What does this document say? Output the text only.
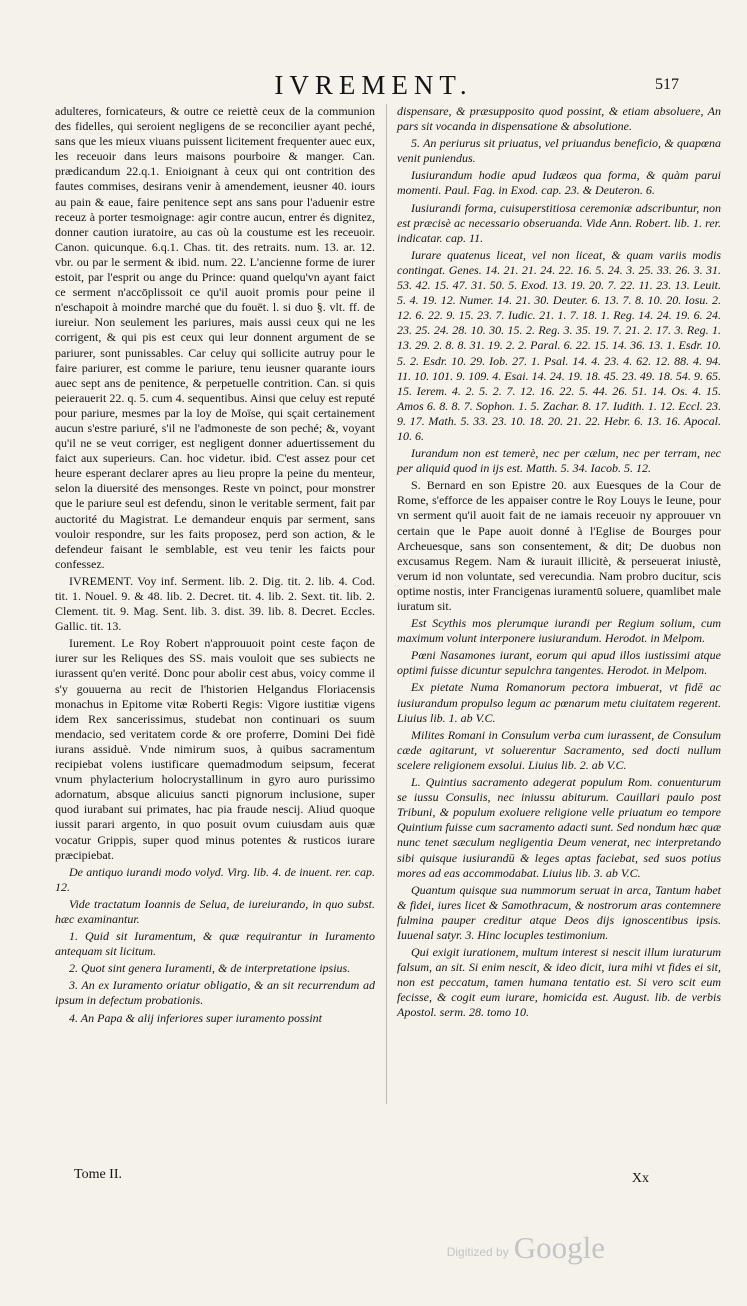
IVREMENT.	517

adulteres, fornicateurs, & outre ce reiettè ceux de la communion des fidelles, qui seroient negligens de se reconcilier ayant peché, sans que les mieux viuans puissent licitement frequenter auec eux, les receuoir dans leurs maisons pourboire & manger. Can. prædicandum 22.q.1. Enioignant à ceux qui ont contrition des fautes commises, desirans venir à amendement, ieusner 40. iours au pain & eaue, faire penitence sept ans sans pour l'aduenir estre receuz à porter tesmoignage: agir contre aucun, entrer és dignitez, donner caution iuratoire, au cas où la coustume est les receuoir. Canon. quicunque. 6.q.1. Chas. tit. des retraits. num. 13. ar. 12. vbr. ou par le serment & ibid. num. 22. L'ancienne forme de iurer estoit, par l'esprit ou ange du Prince: quand quelqu'vn ayant faict ce serment n'accōplissoit ce qu'il auoit promis pour peine il n'eschapoit à moindre marché que du fouët. l. si duo §. vlt. ff. de iureiur. Non seulement les pariures, mais aussi ceux qui ne les corrigent, & qui pis est ceux qui leur donnent argument de se pariurer, sont punissables. Car celuy qui sollicite autruy pour le faire pariurer, est comme le pariure, tenu ieusner quarante iours auec sept ans de penitence, & perpetuelle contrition. Can. si quis peierauerit 22. q. 5. cum 4. sequentibus. Ainsi que celuy est reputé pour pariure, mesmes par la loy de Moïse, qui sçait certainement aucun s'estre pariuré, s'il ne l'admoneste de son peché; &, voyant qu'il ne se veut corriger, est negligent donner aduertissement du faict aux superieurs. Can. hoc videtur. ibid. C'est assez pour cet heure esperant declarer apres au lieu propre la peine du menteur, selon la diuersité des mensonges. Reste vn poinct, pour monstrer que le pariure seul est defendu, sinon le veritable serment, fait par auctorité du Magistrat. Le demandeur enquis par serment, sans vouloir respondre, sur les faits proposez, perd son action, & le defendeur faisant le semblable, est veu tenir les faicts pour confessez.

IVREMENT. Voy inf. Serment. lib. 2. Dig. tit. 2. lib. 4. Cod. tit. 1. Nouel. 9. & 48. lib. 2. Decret. tit. 4. lib. 2. Sext. tit. lib. 2. Clement. tit. 9. Mag. Sent. lib. 3. dist. 39. lib. 8. Decret. Eccles. Gallic. tit. 13.

Iurement. Le Roy Robert n'approuuoit point ceste façon de iurer sur les Reliques des SS. mais vouloit que ses subiects ne iurassent qu'en verité. Donc pour abolir cest abus, voicy comme il s'y gouuerna au recit de l'historien Helgandus Floriacensis monachus in Epitome vitæ Roberti Regis: Vigore iustitiæ vigens idem Rex sancerissimus, studebat non continuari os suum mendacio, sed veritatem corde & ore proferre, Domini Dei fidè iurans assiduè. Vnde nimirum suos, à quibus sacramentum recipiebat volens iustificare quemadmodum seipsum, fecerat vnum phylacterium holocrystallinum in gyro auro purissimo adornatum, absque alicuius sancti pignorum inclusione, super quod iurabant sui primates, hac pia fraude nescij. Aliud quoque iussit parari argento, in quo posuit ovum cuiusdam auis quæ vocatur Grippis, super quod minus potentes & rusticos iurare præcipiebat.

De antiquo iurandi modo volyd. Virg. lib. 4. de inuent. rer. cap. 12.

Vide tractatum Ioannis de Selua, de iureiurando, in quo subst. hæc examinantur.

1. Quid sit Iuramentum, & quæ requirantur in Iuramento antequam sit licitum.

2. Quot sint genera Iuramenti, & de interpretatione ipsius.

3. An ex Iuramento oriatur obligatio, & an sit recurrendum ad ipsum in defectum probationis.

4. An Papa & alij inferiores super iuramento possint

dispensare, & præsupposito quod possint, & etiam absoluere, An pars sit vocanda in dispensatione & absolutione.

5. An periurus sit priuatus, vel priuandus beneficio, & quapœna venit puniendus.

Iusiurandum hodie apud Iudæos qua forma, & quàm parui momenti. Paul. Fag. in Exod. cap. 23. & Deuteron. 6.

Iusiurandi forma, cuisuperstitiosa ceremoniæ adscribuntur, non est præcisè ac necessario obseruanda. Vide Ann. Robert. lib. 1. rer. indicatar. cap. 11.

Iurare quatenus liceat, vel non liceat, & quam variis modis contingat. Genes. 14. 21. 21. 24. 22. 16. 5. 24. 3. 25. 33. 26. 3. 31. 53. 42. 15. 47. 31. 50. 5. Exod. 13. 19. 20. 7. 22. 11. 23. 13. Leuit. 5. 4. 19. 12. Numer. 14. 21. 30. Deuter. 6. 13. 7. 8. 10. 20. Iosu. 2. 12. 6. 22. 9. 15. 23. 7. Iudic. 21. 1. 7. 18. 1. Reg. 14. 24. 19. 6. 24. 23. 25. 24. 28. 10. 30. 15. 2. Reg. 3. 35. 19. 7. 21. 2. 17. 3. Reg. 1. 13. 29. 2. 8. 8. 31. 19. 2. 2. Paral. 6. 22. 15. 14. 36. 13. 1. Esdr. 10. 5. 2. Esdr. 10. 29. Iob. 27. 1. Psal. 14. 4. 23. 4. 62. 12. 88. 4. 94. 11. 10. 101. 9. 109. 4. Esai. 14. 24. 19. 18. 45. 23. 49. 18. 54. 9. 65. 15. Ierem. 4. 2. 5. 2. 7. 12. 16. 22. 5. 44. 26. 51. 14. Os. 4. 15. Amos 6. 8. 8. 7. Sophon. 1. 5. Zachar. 8. 17. Iudith. 1. 12. Eccl. 23. 9. 17. Math. 5. 33. 23. 10. 18. 20. 21. 22. Hebr. 6. 13. 16. Apocal. 10. 6.

Iurandum non est temerè, nec per cælum, nec per terram, nec per aliquid quod in ijs est. Matth. 5. 34. Iacob. 5. 12.

S. Bernard en son Epistre 20. aux Euesques de la Cour de Rome, s'efforce de les appaiser contre le Roy Louys le Ieune, pour vn serment qu'il auoit fait de ne iamais receuoir ny approuuer vn certain que le Pape auoit donné à l'Eglise de Bourges pour Archeuesque, sans son consentement, & dit; De duobus non excusamus Regem. Nam & iurauit illicitè, & perseuerat iniustè, verum id non voluntate, sed verecundia. Nam probro ducitur, scis optime nostis, inter Francigenas iuramentū soluere, quamlibet male iuratum sit.

Est Scythis mos plerumque iurandi per Regium solium, cum maximum volunt interponere iusiurandum. Herodot. in Melpom.

Pœni Nasamones iurant, eorum qui apud illos iustissimi atque optimi fuisse dicuntur sepulchra tangentes. Herodot. in Melpom.

Ex pietate Numa Romanorum pectora imbuerat, vt fidē ac iusiurandum propulso legum ac pœnarum metu ciuitatem regerent. Liuius lib. 1. ab V.C.

Milites Romani in Consulum verba cum iurassent, de Consulum cæde agitarunt, vt soluerentur Sacramento, sed docti nullum scelere religionem exsolui. Liuius lib. 2. ab V.C.

L. Quintius sacramento adegerat populum Rom. conuenturum se iussu Consulis, nec iniussu abiturum. Cauillari paulo post Tribuni, & populum exoluere religione velle priuatum eo tempore Quintium fuisse cum sacramento adacti sunt. Sed nondum hæc quæ nunc tenet sæculum negligentia Deum venerat, nec interpretando sibi quisque iusiurandū & leges aptas faciebat, sed suos potius mores ad eas accommodabat. Liuius lib. 3. ab V.C.

Quantum quisque sua nummorum seruat in arca, Tantum habet & fidei, iures licet & Samothracum, & nostrorum aras contemnere fulmina pauper creditur atque Deos dijs ignoscentibus ipsis. Iuuenal satyr. 3. Hinc locuples testimonium.

Qui exigit iurationem, multum interest si nescit illum iuraturum falsum, an sit. Si enim nescit, & ideo dicit, iura mihi vt fides ei sit, non est peccatum, tamen humana tentatio est. Si vero scit eum fecisse, & cogit eum iurare, homicida est. August. lib. de verbis Apostol. serm. 28. tomo 10.

Tome II.	Xx
Digitized by Google
